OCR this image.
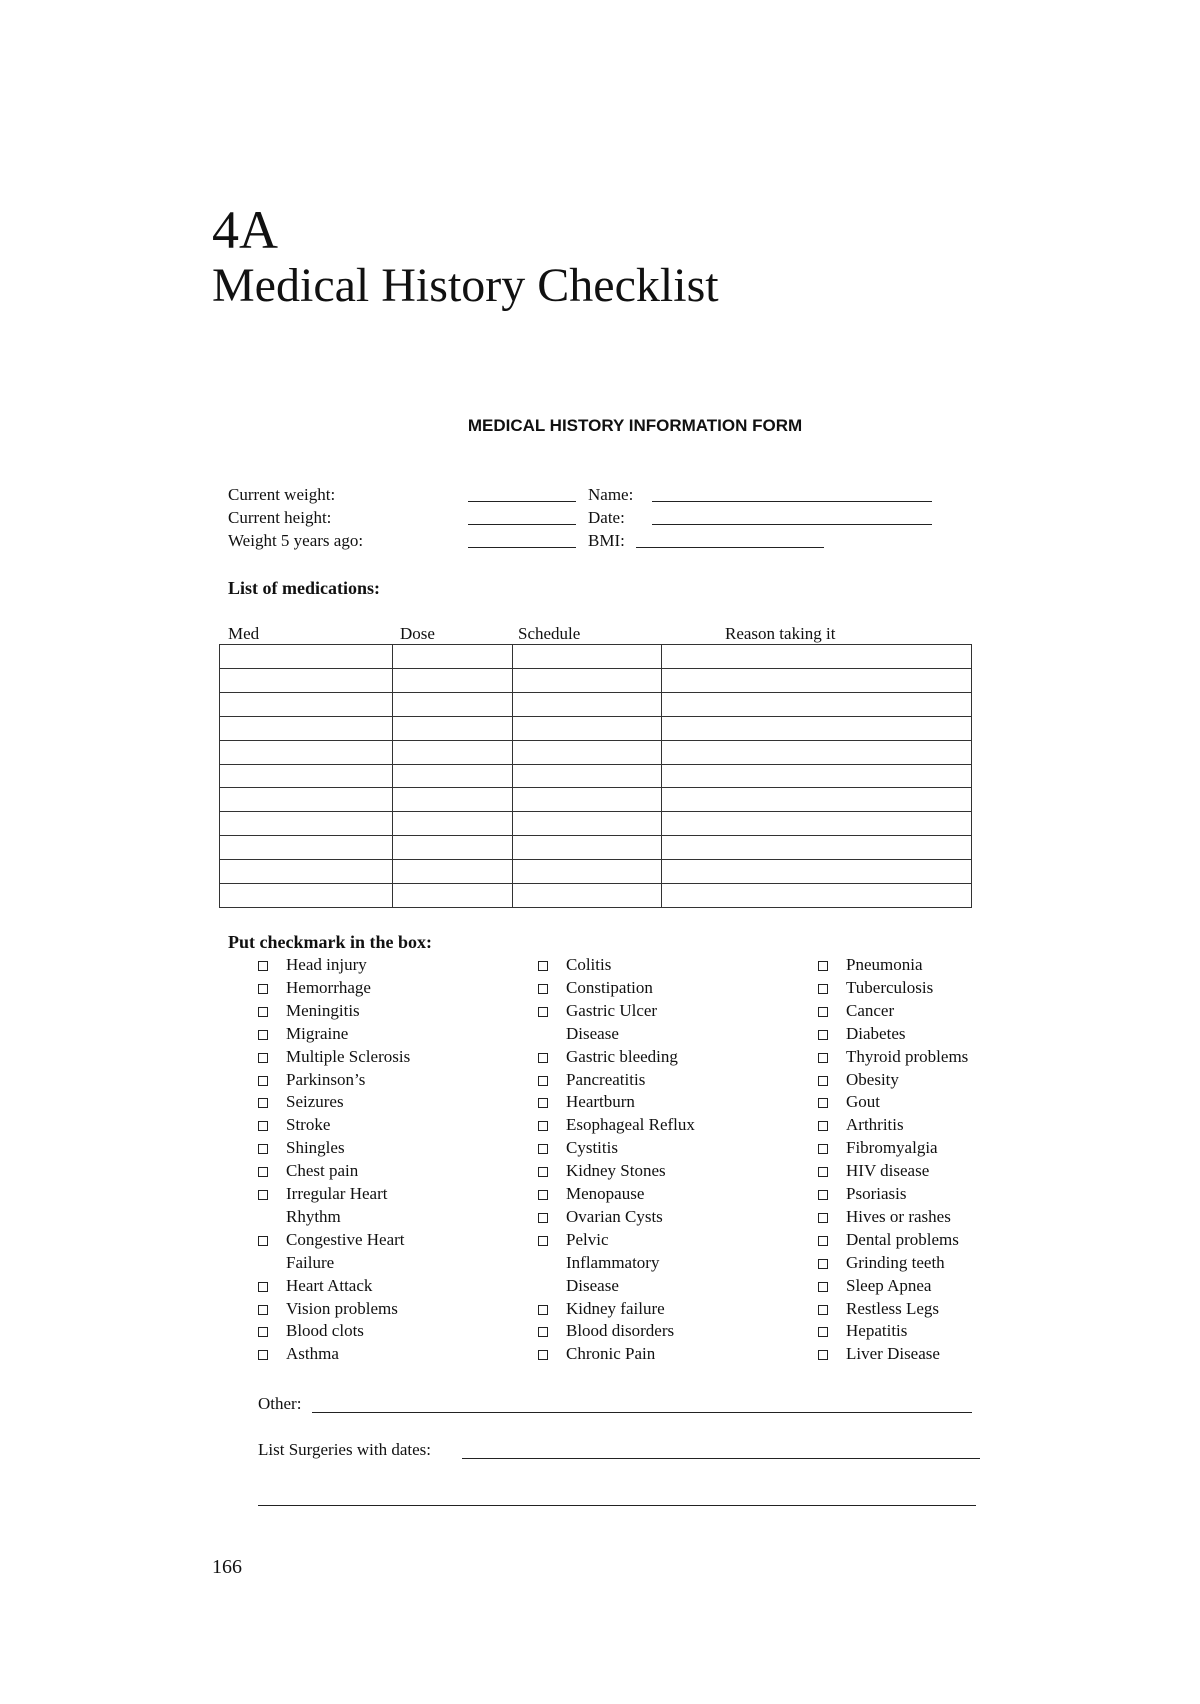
4A
Medical History Checklist
MEDICAL HISTORY INFORMATION FORM
Current weight:
Current height:
Weight 5 years ago:
Name:
Date:
BMI:
List of medications:
Med	Dose	Schedule	Reason taking it

Put checkmark in the box:
Head injury
Hemorrhage
Meningitis
Migraine
Multiple Sclerosis
Parkinson’s
Seizures
Stroke
Shingles
Chest pain
Irregular Heart
Rhythm
Congestive Heart
Failure
Heart Attack
Vision problems
Blood clots
Asthma
Colitis
Constipation
Gastric Ulcer
Disease
Gastric bleeding
Pancreatitis
Heartburn
Esophageal Reflux
Cystitis
Kidney Stones
Menopause
Ovarian Cysts
Pelvic
Inflammatory
Disease
Kidney failure
Blood disorders
Chronic Pain
Pneumonia
Tuberculosis
Cancer
Diabetes
Thyroid problems
Obesity
Gout
Arthritis
Fibromyalgia
HIV disease
Psoriasis
Hives or rashes
Dental problems
Grinding teeth
Sleep Apnea
Restless Legs
Hepatitis
Liver Disease
Other:
List Surgeries with dates:
166
